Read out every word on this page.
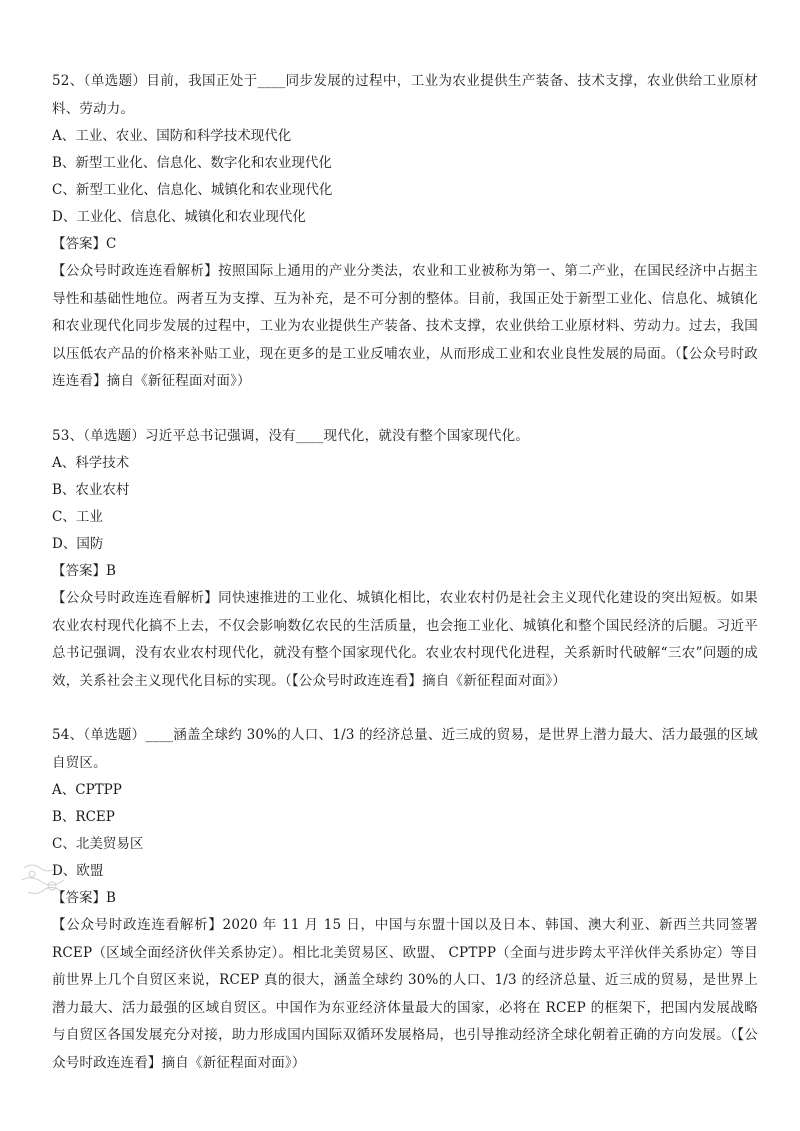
52、（单选题）目前，我国正处于____同步发展的过程中，工业为农业提供生产装备、技术支撑，农业供给工业原材料、劳动力。

A、工业、农业、国防和科学技术现代化

B、新型工业化、信息化、数字化和农业现代化

C、新型工业化、信息化、城镇化和农业现代化

D、工业化、信息化、城镇化和农业现代化

【答案】C

【公众号时政连连看解析】按照国际上通用的产业分类法，农业和工业被称为第一、第二产业，在国民经济中占据主导性和基础性地位。两者互为支撑、互为补充，是不可分割的整体。目前，我国正处于新型工业化、信息化、城镇化和农业现代化同步发展的过程中，工业为农业提供生产装备、技术支撑，农业供给工业原材料、劳动力。过去，我国以压低农产品的价格来补贴工业，现在更多的是工业反哺农业，从而形成工业和农业良性发展的局面。（【公众号时政连连看】摘自《新征程面对面》）

53、（单选题）习近平总书记强调，没有____现代化，就没有整个国家现代化。

A、科学技术

B、农业农村

C、工业

D、国防

【答案】B

【公众号时政连连看解析】同快速推进的工业化、城镇化相比，农业农村仍是社会主义现代化建设的突出短板。如果农业农村现代化搞不上去，不仅会影响数亿农民的生活质量，也会拖工业化、城镇化和整个国民经济的后腿。习近平总书记强调，没有农业农村现代化，就没有整个国家现代化。农业农村现代化进程，关系新时代破解“三农”问题的成效，关系社会主义现代化目标的实现。（【公众号时政连连看】摘自《新征程面对面》）

54、（单选题）____涵盖全球约 30%的人口、1/3 的经济总量、近三成的贸易，是世界上潜力最大、活力最强的区域自贸区。

A、CPTPP

B、RCEP

C、北美贸易区

D、欧盟

【答案】B

【公众号时政连连看解析】2020 年 11 月 15 日，中国与东盟十国以及日本、韩国、澳大利亚、新西兰共同签署 RCEP（区域全面经济伙伴关系协定）。相比北美贸易区、欧盟、 CPTPP（全面与进步跨太平洋伙伴关系协定）等目前世界上几个自贸区来说，RCEP 真的很大，涵盖全球约 30%的人口、1/3 的经济总量、近三成的贸易，是世界上潜力最大、活力最强的区域自贸区。中国作为东亚经济体量最大的国家，必将在 RCEP 的框架下，把国内发展战略与自贸区各国发展充分对接，助力形成国内国际双循环发展格局，也引导推动经济全球化朝着正确的方向发展。（【公众号时政连连看】摘自《新征程面对面》）
